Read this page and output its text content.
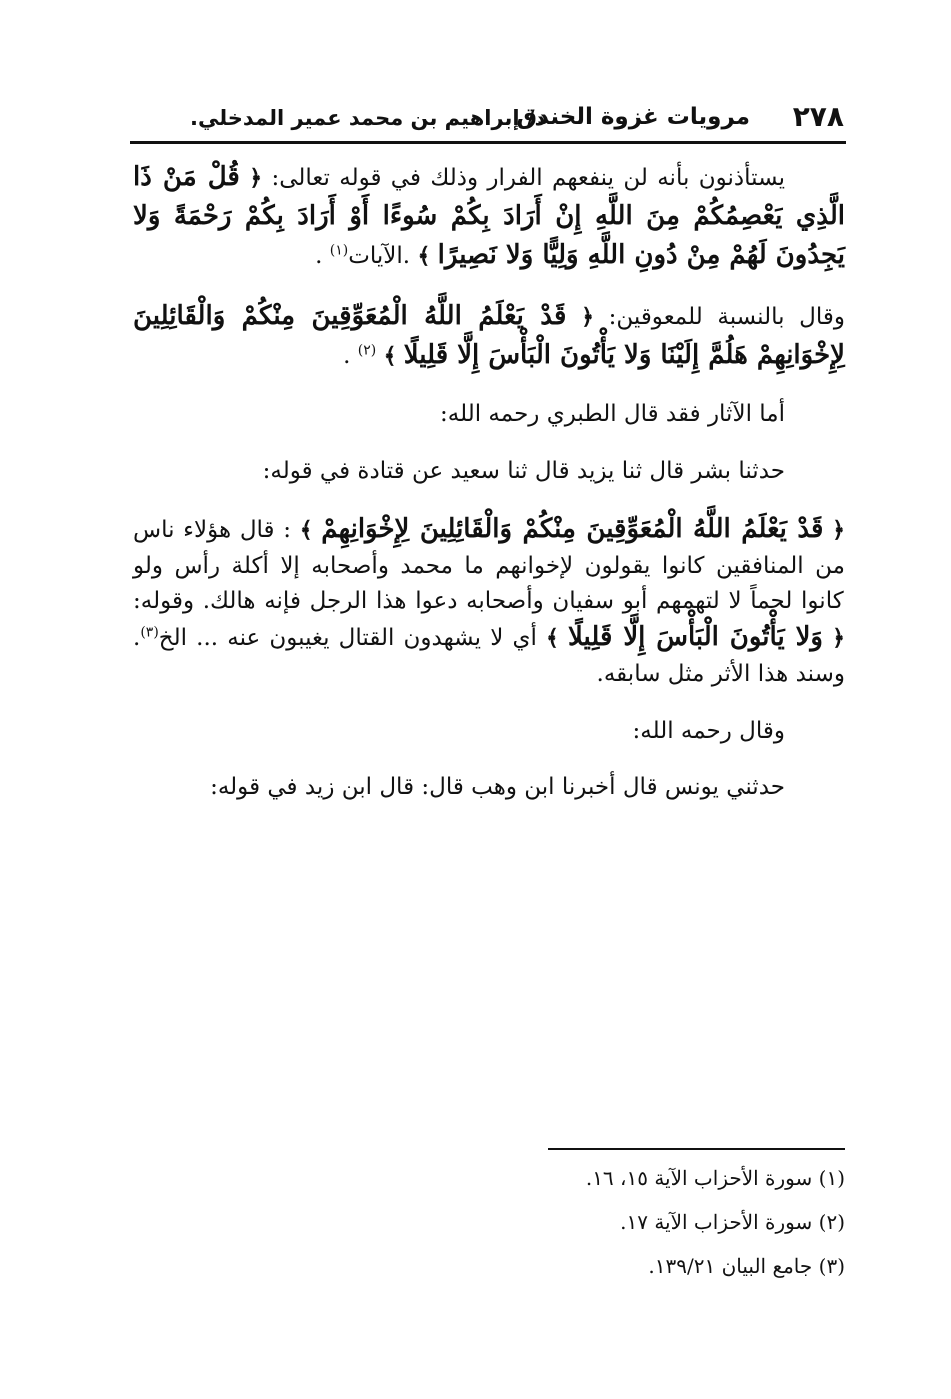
٢٧٨
مرويات غزوة الخندق
د/ إبراهيم بن محمد عمير المدخلي.

يستأذنون بأنه لن ينفعهم الفرار وذلك في قوله تعالى: ﴿ قُلْ مَنْ ذَا الَّذِي يَعْصِمُكُمْ مِنَ اللَّهِ إِنْ أَرَادَ بِكُمْ سُوءًا أَوْ أَرَادَ بِكُمْ رَحْمَةً وَلا يَجِدُونَ لَهُمْ مِنْ دُونِ اللَّهِ وَلِيًّا وَلا نَصِيرًا ﴾ .الآيات$^{(١)}$ .

وقال بالنسبة للمعوقين: ﴿ قَدْ يَعْلَمُ اللَّهُ الْمُعَوِّقِينَ مِنْكُمْ وَالْقَائِلِينَ لِإِخْوَانِهِمْ هَلُمَّ إِلَيْنَا وَلا يَأْتُونَ الْبَأْسَ إِلَّا قَلِيلًا ﴾ $^{(٢)}$ .

أما الآثار فقد قال الطبري رحمه الله:

حدثنا بشر قال ثنا يزيد قال ثنا سعيد عن قتادة في قوله:

﴿ قَدْ يَعْلَمُ اللَّهُ الْمُعَوِّقِينَ مِنْكُمْ وَالْقَائِلِينَ لِإِخْوَانِهِمْ ﴾ : قال هؤلاء ناس من المنافقين كانوا يقولون لإخوانهم ما محمد وأصحابه إلا أكلة رأس ولو كانوا لحماً لا لتهمهم أبو سفيان وأصحابه دعوا هذا الرجل فإنه هالك. وقوله: ﴿ وَلا يَأْتُونَ الْبَأْسَ إِلَّا قَلِيلًا ﴾ أي لا يشهدون القتال يغيبون عنه ... الخ$^{(٣)}$. وسند هذا الأثر مثل سابقه.

وقال رحمه الله:

حدثني يونس قال أخبرنا ابن وهب قال: قال ابن زيد في قوله:

(١) سورة الأحزاب الآية ١٥، ١٦.
(٢) سورة الأحزاب الآية ١٧.
(٣) جامع البيان ١٣٩/٢١.
